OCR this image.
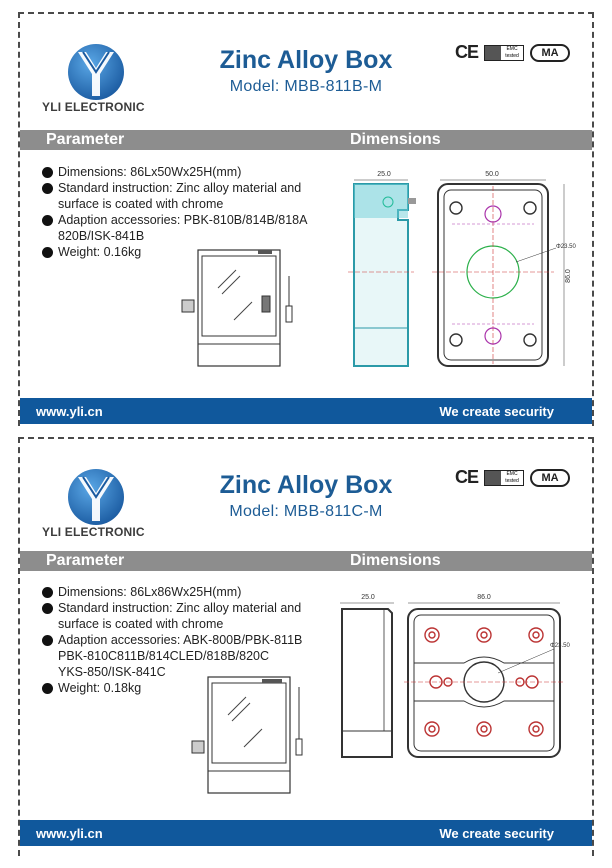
YLI ELECTRONIC
Zinc Alloy Box
Model: MBB-811B-M
CE	EMC
tested	MA
Parameter	Dimensions
Dimensions: 86Lx50Wx25H(mm)
Standard instruction: Zinc alloy material and
surface is coated with chrome
Adaption accessories: PBK-810B/814B/818A
820B/ISK-841B
Weight: 0.16kg
25.0	50.0
Φ23.50
86.0
www.yli.cn	We create security
YLI ELECTRONIC
Zinc Alloy Box
Model: MBB-811C-M
CE	EMC
tested	MA
Parameter	Dimensions
Dimensions: 86Lx86Wx25H(mm)
Standard instruction: Zinc alloy material and
surface is coated with chrome
Adaption accessories: ABK-800B/PBK-811B
PBK-810C811B/814CLED/818B/820C
YKS-850/ISK-841C
Weight: 0.18kg
25.0	86.0
Φ23.50
www.yli.cn	We create security
